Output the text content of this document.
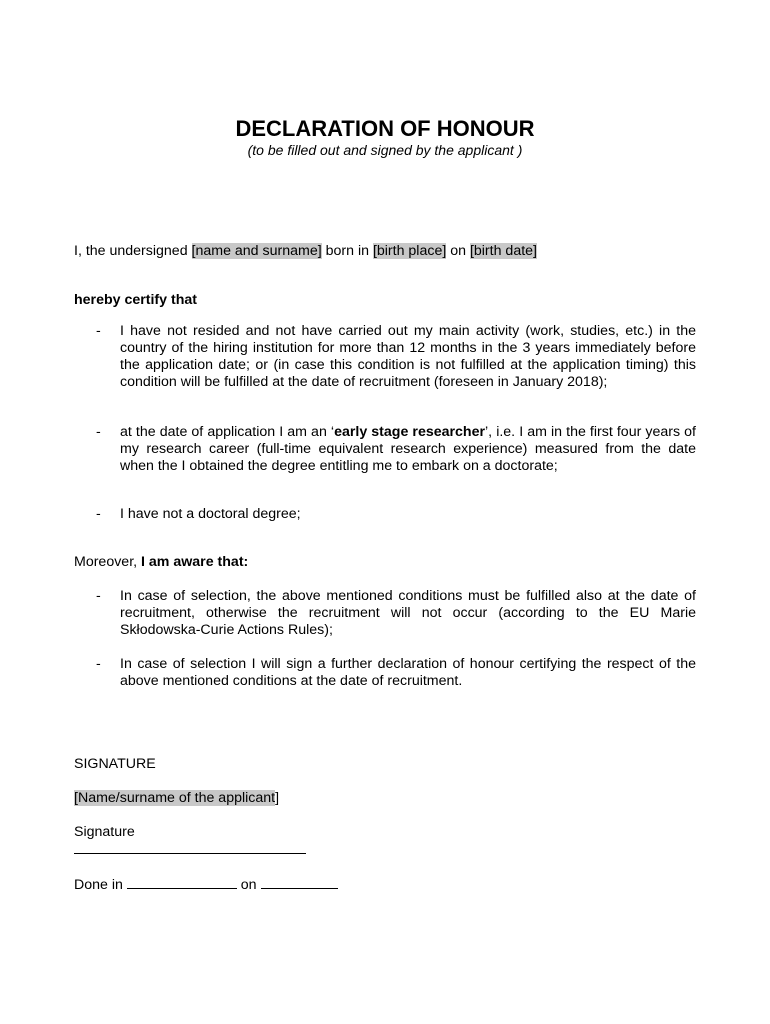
DECLARATION OF HONOUR
(to be filled out and signed by the applicant )
I, the undersigned [name and surname] born in [birth place] on [birth date]
hereby certify that
- I have not resided and not have carried out my main activity (work, studies, etc.) in the country of the hiring institution for more than 12 months in the 3 years immediately before the application date; or (in case this condition is not fulfilled at the application timing) this condition will be fulfilled at the date of recruitment (foreseen in January 2018);
- at the date of application I am an ‘early stage researcher’, i.e. I am in the first four years of my research career (full-time equivalent research experience) measured from the date when the I obtained the degree entitling me to embark on a doctorate;
- I have not a doctoral degree;
Moreover, I am aware that:
- In case of selection, the above mentioned conditions must be fulfilled also at the date of recruitment, otherwise the recruitment will not occur (according to the EU Marie Skłodowska-Curie Actions Rules);
- In case of selection I will sign a further declaration of honour certifying the respect of the above mentioned conditions at the date of recruitment.
SIGNATURE
[Name/surname of the applicant]
Signature
Done in	on
